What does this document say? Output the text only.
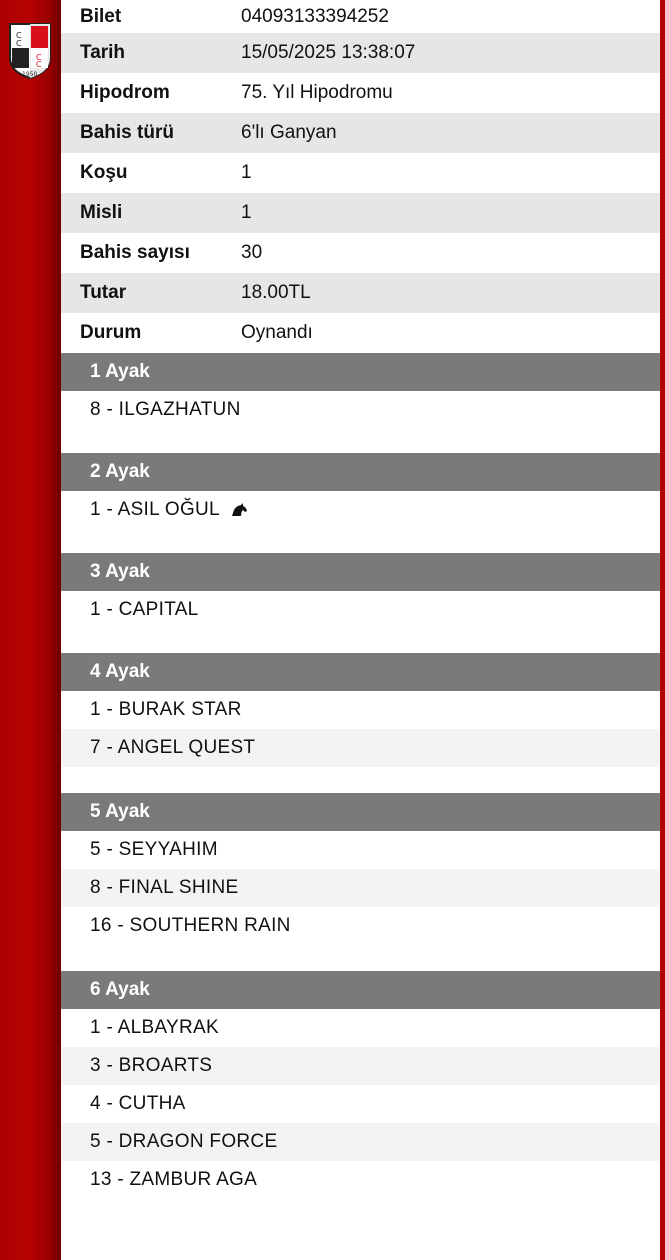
C
C
C
C
1950
Bilet	04093133394252
Tarih	15/05/2025 13:38:07
Hipodrom	75. Yıl Hipodromu
Bahis türü	6'lı Ganyan
Koşu	1
Misli	1
Bahis sayısı	30
Tutar	18.00TL
Durum	Oynandı
1 Ayak
8 - ILGAZHATUN
2 Ayak
1 - ASIL OĞUL
3 Ayak
1 - CAPITAL
4 Ayak
1 - BURAK STAR
7 - ANGEL QUEST
5 Ayak
5 - SEYYAHIM
8 - FINAL SHINE
16 - SOUTHERN RAIN
6 Ayak
1 - ALBAYRAK
3 - BROARTS
4 - CUTHA
5 - DRAGON FORCE
13 - ZAMBUR AGA
